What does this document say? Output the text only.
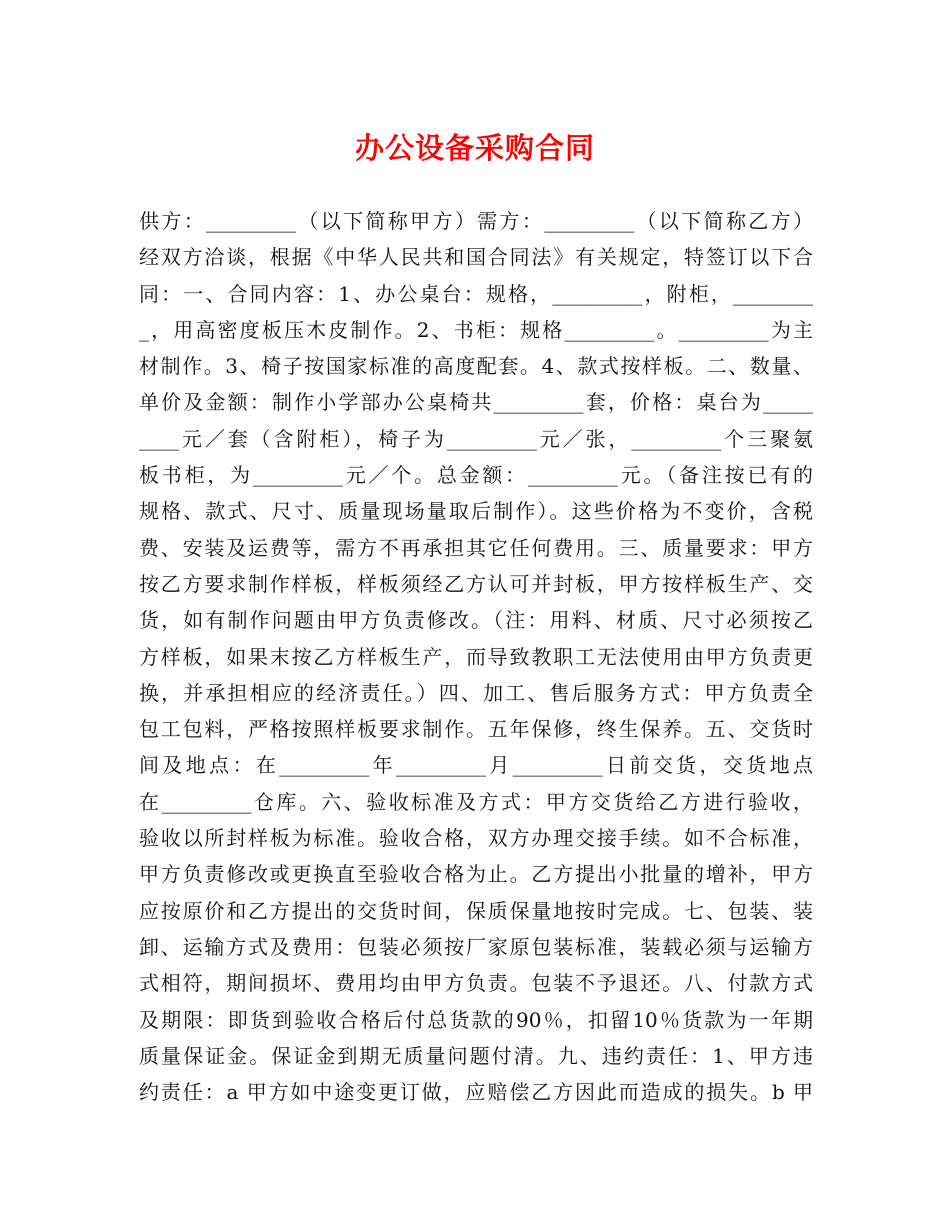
办公设备采购合同
供方：_________（以下简称甲方）需方：_________（以下简称乙方）
经双方洽谈，根据《中华人民共和国合同法》有关规定，特签订以下合
同：一、合同内容：1、办公桌台：规格，_________，附柜，________
_，用高密度板压木皮制作。2、书柜：规格_________。_________为主
材制作。3、椅子按国家标准的高度配套。4、款式按样板。二、数量、
单价及金额：制作小学部办公桌椅共_________套，价格：桌台为_____
____元／套（含附柜），椅子为_________元／张，_________个三聚氨
板书柜，为_________元／个。总金额：_________元。（备注按已有的
规格、款式、尺寸、质量现场量取后制作）。这些价格为不变价，含税
费、安装及运费等，需方不再承担其它任何费用。三、质量要求：甲方
按乙方要求制作样板，样板须经乙方认可并封板，甲方按样板生产、交
货，如有制作问题由甲方负责修改。（注：用料、材质、尺寸必须按乙
方样板，如果末按乙方样板生产，而导致教职工无法使用由甲方负责更
换，并承担相应的经济责任。）四、加工、售后服务方式：甲方负责全
包工包料，严格按照样板要求制作。五年保修，终生保养。五、交货时
间及地点：在_________年_________月_________日前交货，交货地点
在_________仓库。六、验收标准及方式：甲方交货给乙方进行验收，
验收以所封样板为标准。验收合格，双方办理交接手续。如不合标准，
甲方负责修改或更换直至验收合格为止。乙方提出小批量的增补，甲方
应按原价和乙方提出的交货时间，保质保量地按时完成。七、包装、装
卸、运输方式及费用：包装必须按厂家原包装标准，装载必须与运输方
式相符，期间损坏、费用均由甲方负责。包装不予退还。八、付款方式
及期限：即货到验收合格后付总货款的90％，扣留10％货款为一年期
质量保证金。保证金到期无质量问题付清。九、违约责任：1、甲方违
约责任：a 甲方如中途变更订做，应赔偿乙方因此而造成的损失。b 甲
